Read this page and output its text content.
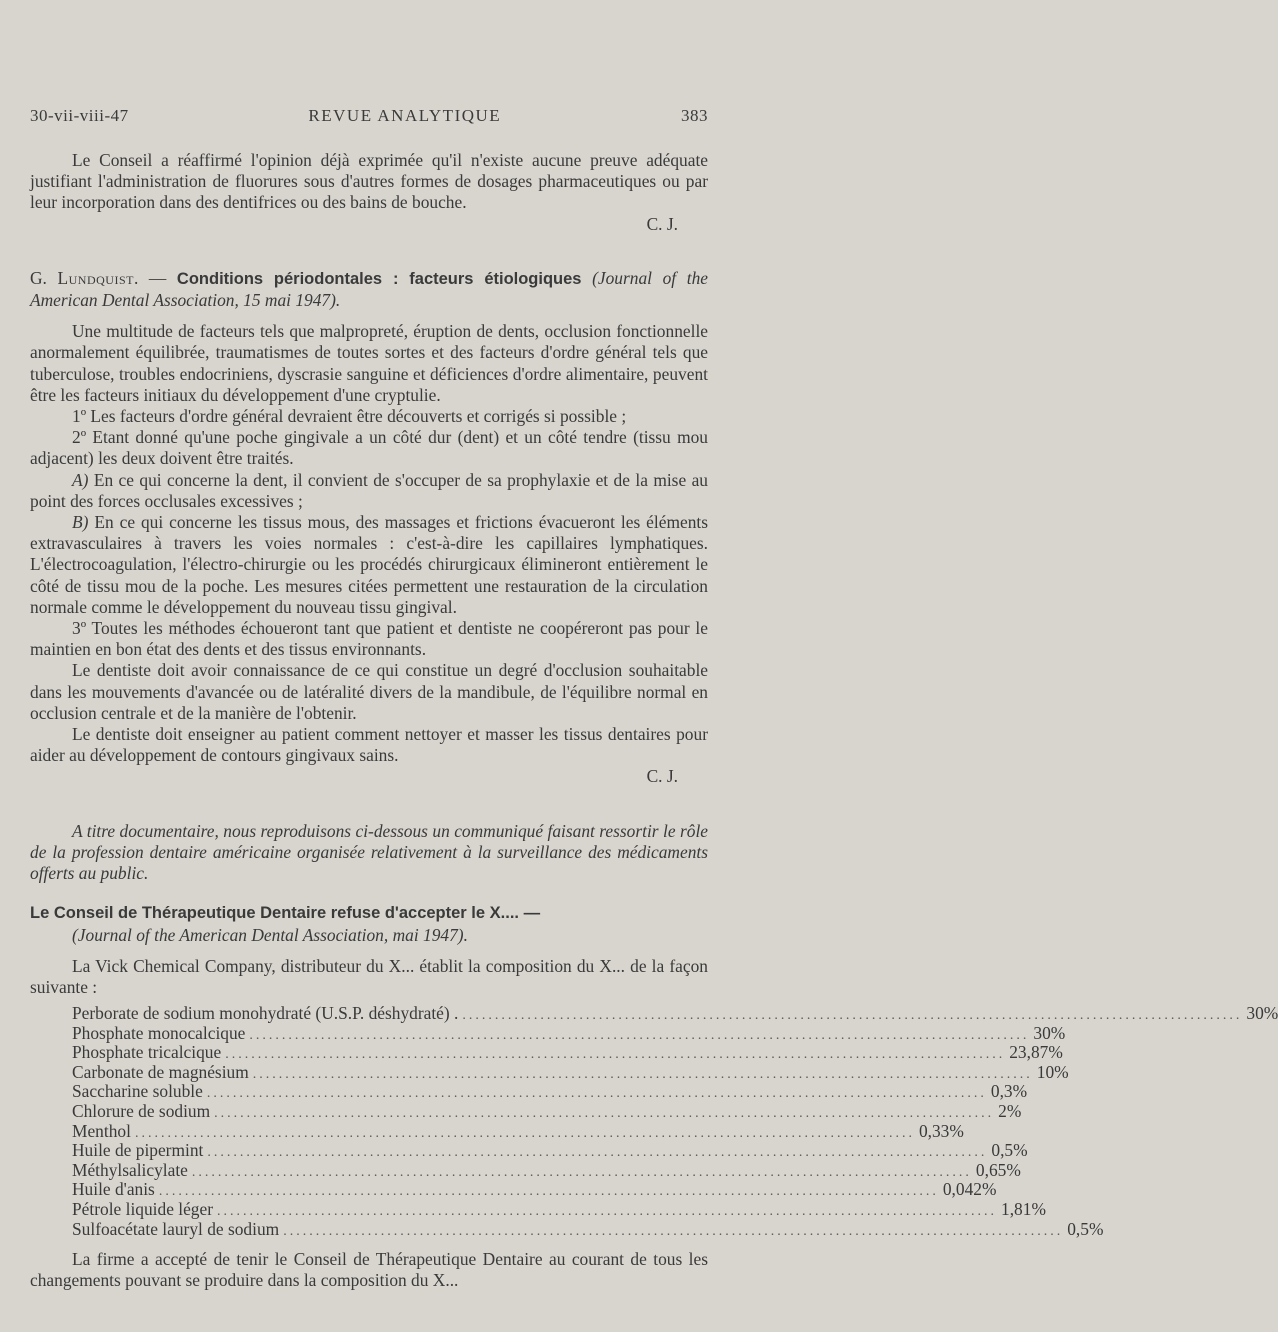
30-vii-viii-47	REVUE ANALYTIQUE	383

Le Conseil a réaffirmé l'opinion déjà exprimée qu'il n'existe aucune preuve adéquate justifiant l'administration de fluorures sous d'autres formes de dosages pharmaceutiques ou par leur incorporation dans des dentifrices ou des bains de bouche.

C. J.

G. Lundquist. — Conditions périodontales : facteurs étiologiques (Journal of the American Dental Association, 15 mai 1947).

Une multitude de facteurs tels que malpropreté, éruption de dents, occlusion fonctionnelle anormalement équilibrée, traumatismes de toutes sortes et des facteurs d'ordre général tels que tuberculose, troubles endocriniens, dyscrasie sanguine et déficiences d'ordre alimentaire, peuvent être les facteurs initiaux du développement d'une cryptulie.

1º Les facteurs d'ordre général devraient être découverts et corrigés si possible ;

2º Etant donné qu'une poche gingivale a un côté dur (dent) et un côté tendre (tissu mou adjacent) les deux doivent être traités.

A) En ce qui concerne la dent, il convient de s'occuper de sa prophylaxie et de la mise au point des forces occlusales excessives ;

B) En ce qui concerne les tissus mous, des massages et frictions évacueront les éléments extravasculaires à travers les voies normales : c'est-à-dire les capillaires lymphatiques. L'électrocoagulation, l'électro-chirurgie ou les procédés chirurgicaux élimineront entièrement le côté de tissu mou de la poche. Les mesures citées permettent une restauration de la circulation normale comme le développement du nouveau tissu gingival.

3º Toutes les méthodes échoueront tant que patient et dentiste ne coopéreront pas pour le maintien en bon état des dents et des tissus environnants.

Le dentiste doit avoir connaissance de ce qui constitue un degré d'occlusion souhaitable dans les mouvements d'avancée ou de latéralité divers de la mandibule, de l'équilibre normal en occlusion centrale et de la manière de l'obtenir.

Le dentiste doit enseigner au patient comment nettoyer et masser les tissus dentaires pour aider au développement de contours gingivaux sains.

C. J.

A titre documentaire, nous reproduisons ci-dessous un communiqué faisant ressortir le rôle de la profession dentaire américaine organisée relativement à la surveillance des médicaments offerts au public.

Le Conseil de Thérapeutique Dentaire refuse d'accepter le X.... —
(Journal of the American Dental Association, mai 1947).

La Vick Chemical Company, distributeur du X... établit la composition du X... de la façon suivante :

Perborate de sodium monohydraté (U.S.P. déshydraté) . ........................................................................................................................ 30 %
Phosphate monocalcique ........................................................................................................................ 30 %
Phosphate tricalcique ........................................................................................................................ 23,87 %
Carbonate de magnésium ........................................................................................................................ 10 %
Saccharine soluble ........................................................................................................................ 0,3 %
Chlorure de sodium ........................................................................................................................ 2 %
Menthol ........................................................................................................................ 0,33 %
Huile de pipermint ........................................................................................................................ 0,5 %
Méthylsalicylate ........................................................................................................................ 0,65 %
Huile d'anis ........................................................................................................................ 0,042 %
Pétrole liquide léger ........................................................................................................................ 1,81 %
Sulfoacétate lauryl de sodium ........................................................................................................................ 0,5 %

La firme a accepté de tenir le Conseil de Thérapeutique Dentaire au courant de tous les changements pouvant se produire dans la composition du X...
